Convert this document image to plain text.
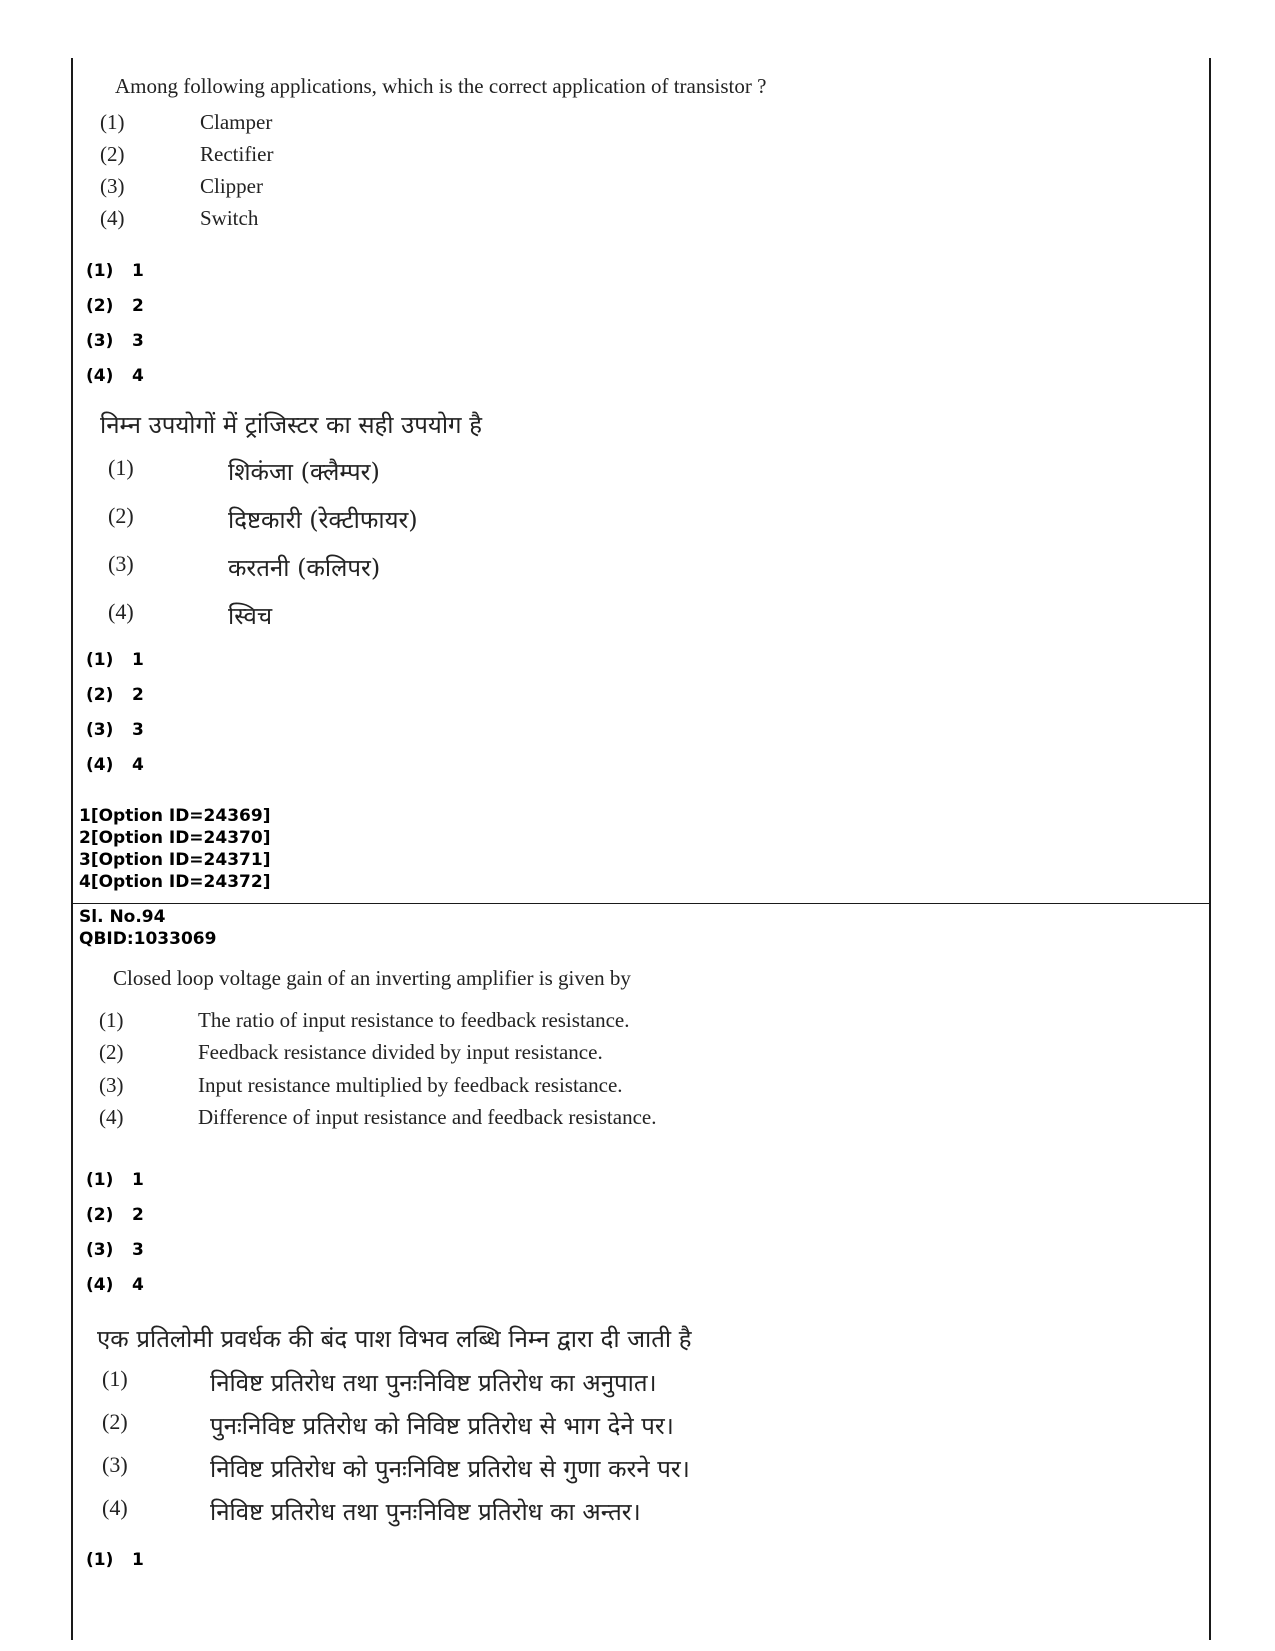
Among following applications, which is the correct application of transistor ?
(1)	Clamper
(2)	Rectifier
(3)	Clipper
(4)	Switch
(1) 1
(2) 2
(3) 3
(4) 4
निम्न उपयोगों में ट्रांजिस्टर का सही उपयोग है
(1)	शिकंजा (क्लैम्पर)
(2)	दिष्टकारी (रेक्टीफायर)
(3)	करतनी (कलिपर)
(4)	स्विच
(1) 1
(2) 2
(3) 3
(4) 4
1[Option ID=24369]
2[Option ID=24370]
3[Option ID=24371]
4[Option ID=24372]
Sl. No.94
QBID:1033069
Closed loop voltage gain of an inverting amplifier is given by
(1)	The ratio of input resistance to feedback resistance.
(2)	Feedback resistance divided by input resistance.
(3)	Input resistance multiplied by feedback resistance.
(4)	Difference of input resistance and feedback resistance.
(1) 1
(2) 2
(3) 3
(4) 4
एक प्रतिलोमी प्रवर्धक की बंद पाश विभव लब्धि निम्न द्वारा दी जाती है
(1)	निविष्ट प्रतिरोध तथा पुनःनिविष्ट प्रतिरोध का अनुपात।
(2)	पुनःनिविष्ट प्रतिरोध को निविष्ट प्रतिरोध से भाग देने पर।
(3)	निविष्ट प्रतिरोध को पुनःनिविष्ट प्रतिरोध से गुणा करने पर।
(4)	निविष्ट प्रतिरोध तथा पुनःनिविष्ट प्रतिरोध का अन्तर।
(1) 1
